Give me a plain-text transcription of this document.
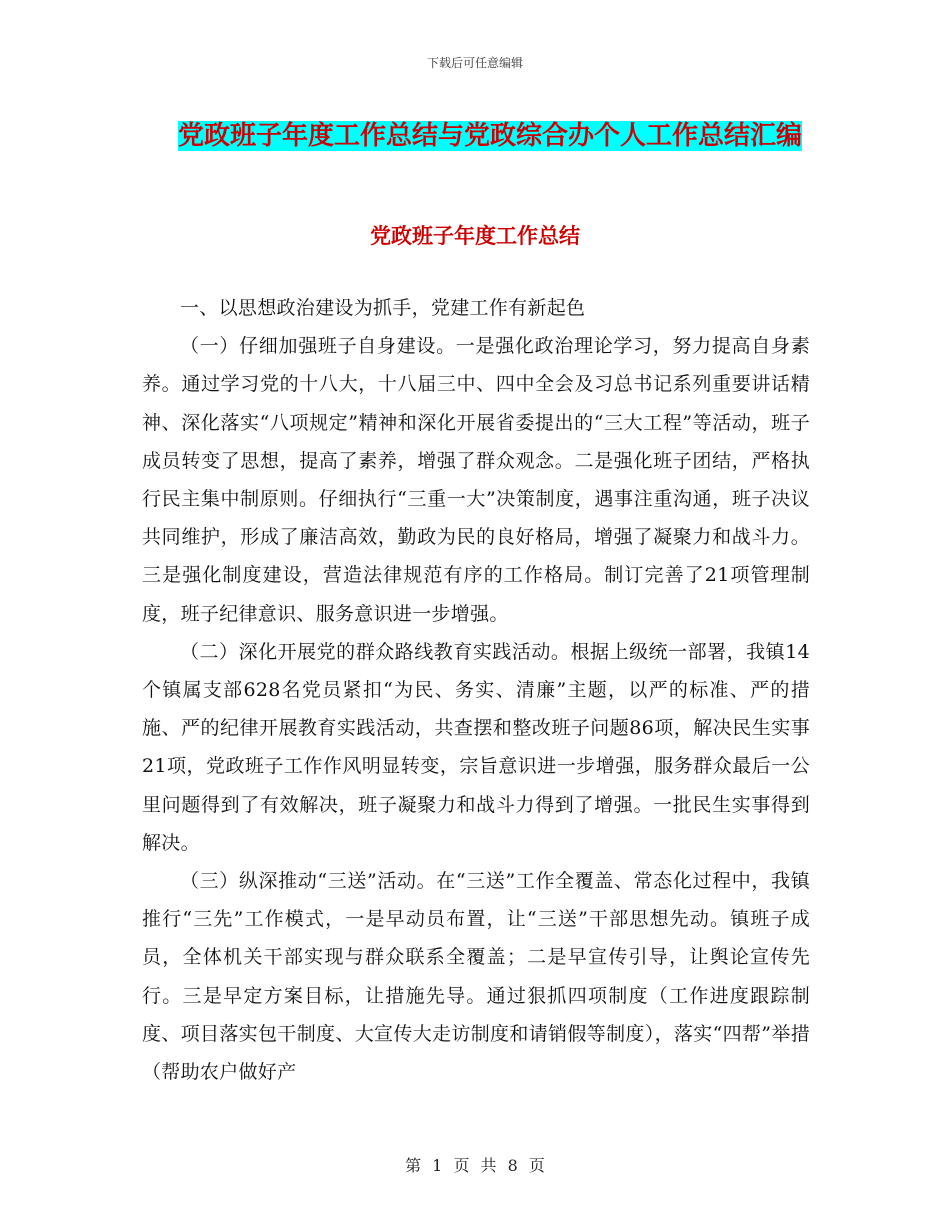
下载后可任意编辑
党政班子年度工作总结与党政综合办个人工作总结汇编
党政班子年度工作总结

一、以思想政治建设为抓手，党建工作有新起色

（一）仔细加强班子自身建设。一是强化政治理论学习，努力提高自身素养。通过学习党的十八大，十八届三中、四中全会及习总书记系列重要讲话精神、深化落实“八项规定”精神和深化开展省委提出的“三大工程”等活动，班子成员转变了思想，提高了素养，增强了群众观念。二是强化班子团结，严格执行民主集中制原则。仔细执行“三重一大”决策制度，遇事注重沟通，班子决议共同维护，形成了廉洁高效，勤政为民的良好格局，增强了凝聚力和战斗力。三是强化制度建设，营造法律规范有序的工作格局。制订完善了21项管理制度，班子纪律意识、服务意识进一步增强。

（二）深化开展党的群众路线教育实践活动。根据上级统一部署，我镇14个镇属支部628名党员紧扣“为民、务实、清廉”主题，以严的标准、严的措施、严的纪律开展教育实践活动，共查摆和整改班子问题86项，解决民生实事21项，党政班子工作作风明显转变，宗旨意识进一步增强，服务群众最后一公里问题得到了有效解决，班子凝聚力和战斗力得到了增强。一批民生实事得到解决。

（三）纵深推动“三送”活动。在“三送”工作全覆盖、常态化过程中，我镇推行“三先”工作模式，一是早动员布置，让“三送”干部思想先动。镇班子成员，全体机关干部实现与群众联系全覆盖；二是早宣传引导，让舆论宣传先行。三是早定方案目标，让措施先导。通过狠抓四项制度（工作进度跟踪制度、项目落实包干制度、大宣传大走访制度和请销假等制度），落实“四帮”举措（帮助农户做好产

第 1 页 共 8 页
